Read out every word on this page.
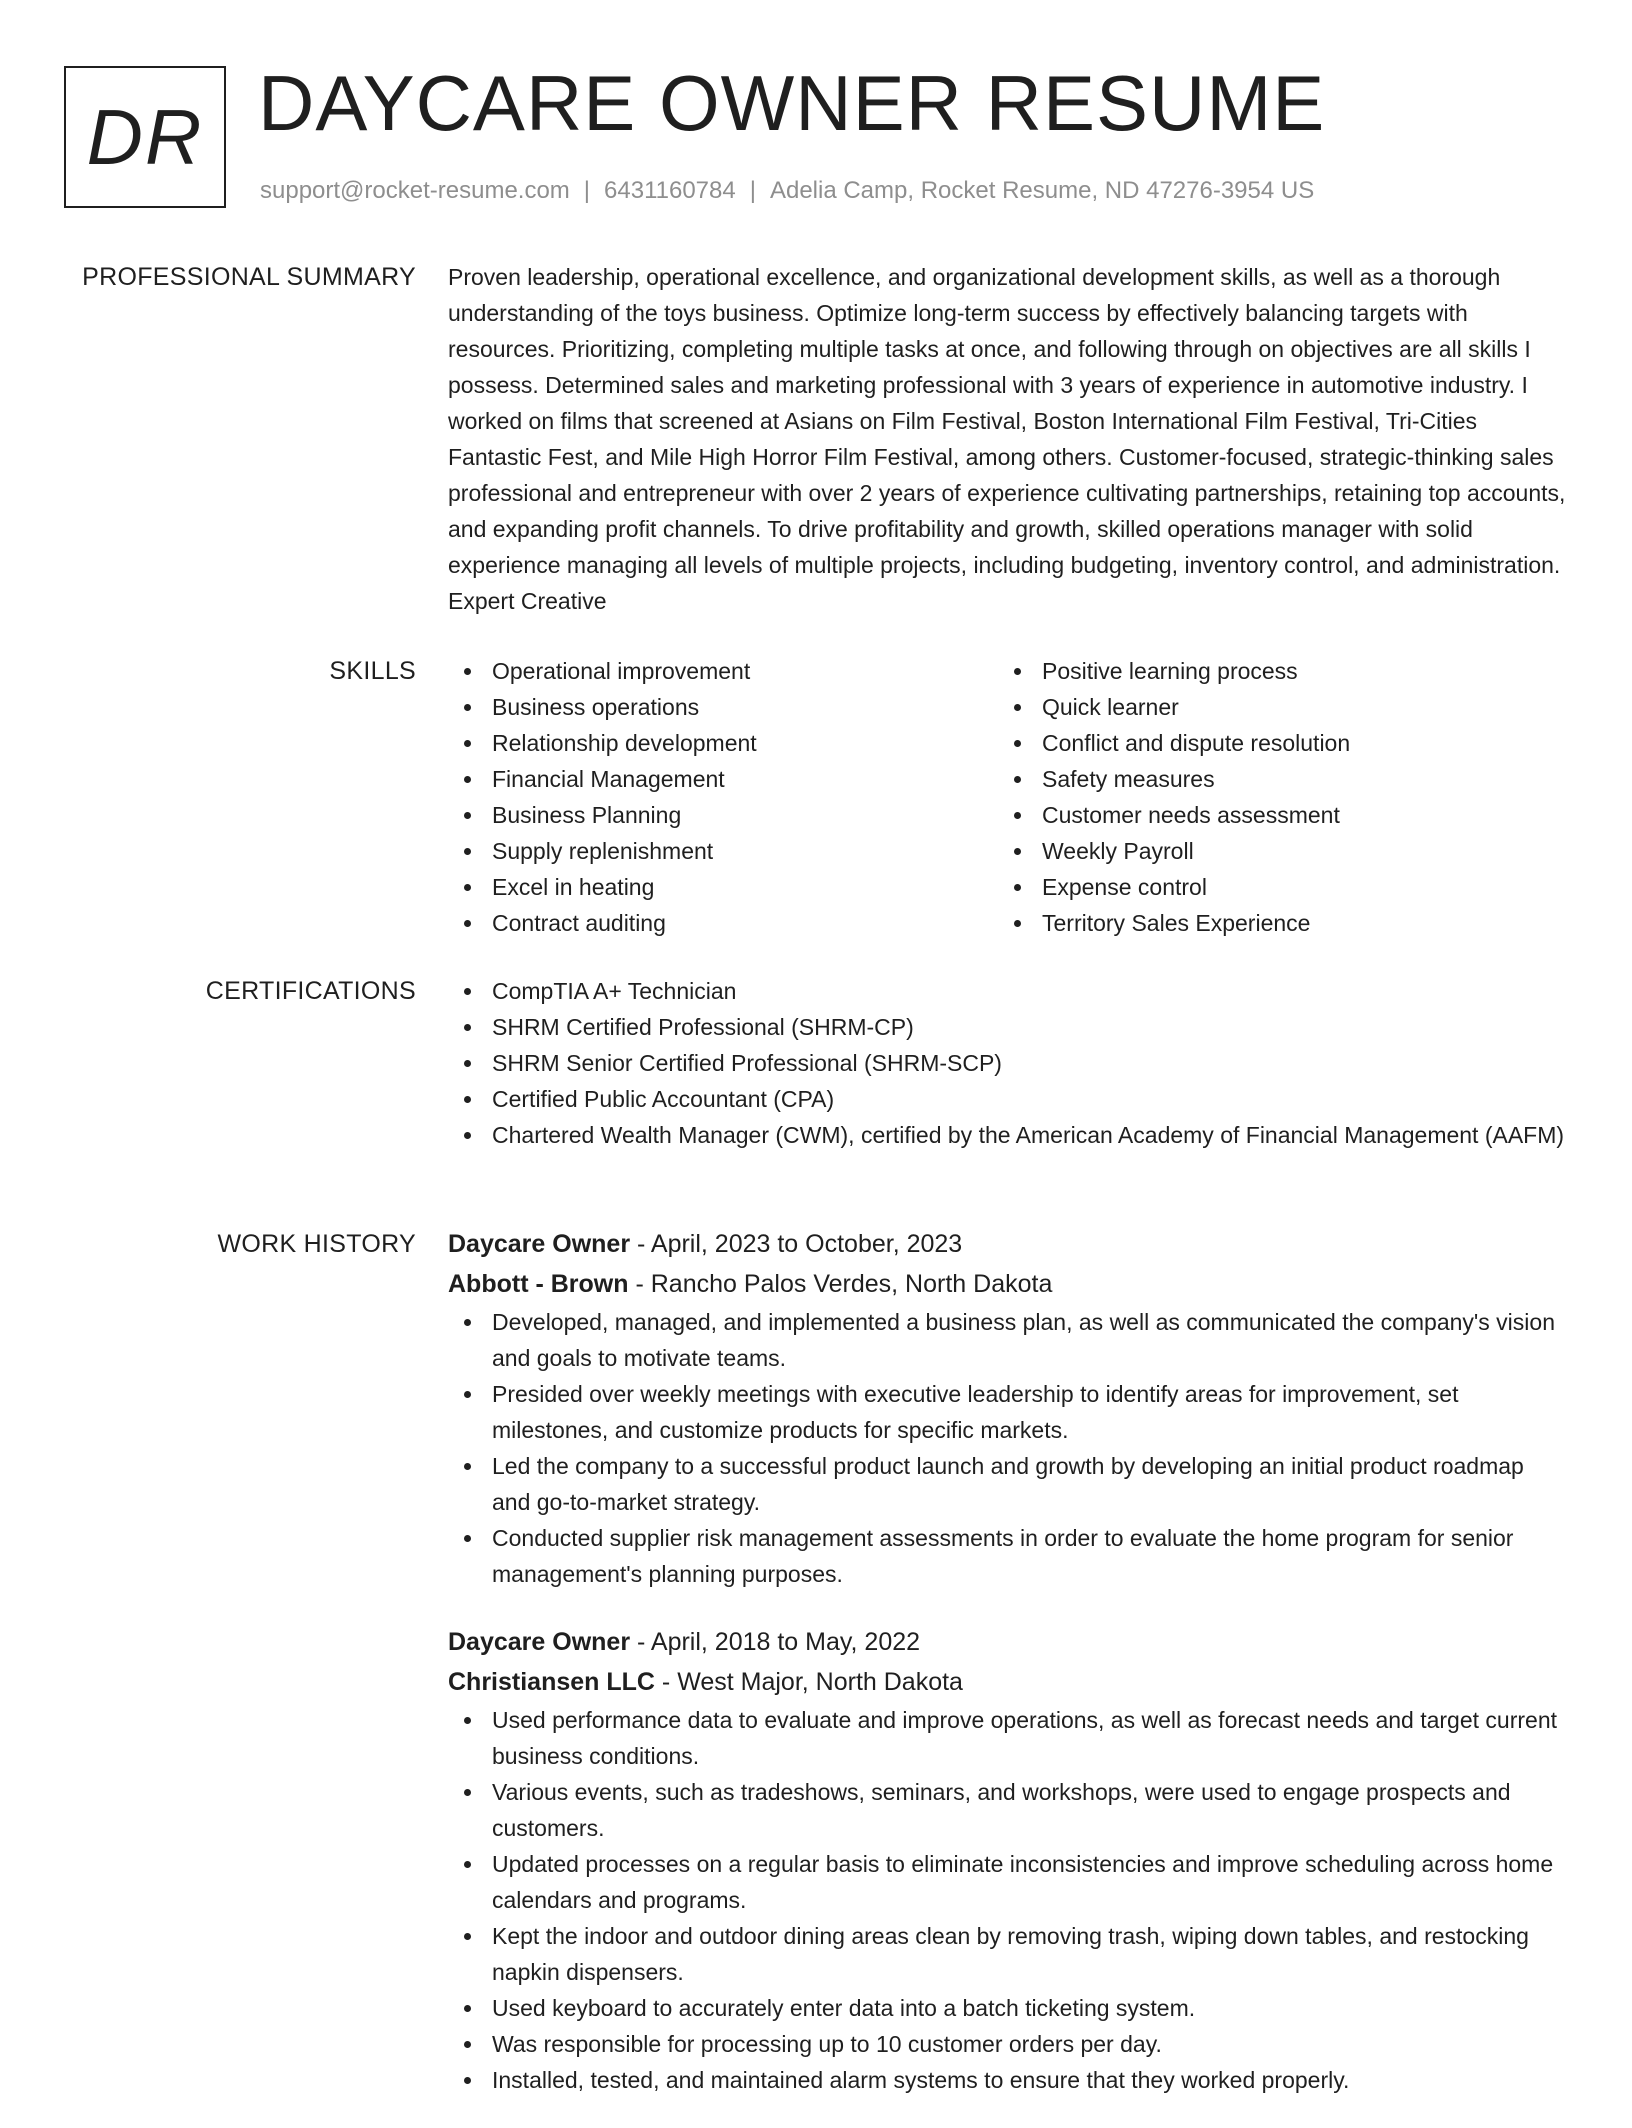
DR DAYCARE OWNER RESUME
support@rocket-resume.com | 6431160784 | Adelia Camp, Rocket Resume, ND 47276-3954 US
PROFESSIONAL SUMMARY Proven leadership, operational excellence, and organizational development skills, as well as a thorough understanding of the toys business. Optimize long-term success by effectively balancing targets with resources. Prioritizing, completing multiple tasks at once, and following through on objectives are all skills I possess. Determined sales and marketing professional with 3 years of experience in automotive industry. I worked on films that screened at Asians on Film Festival, Boston International Film Festival, Tri-Cities Fantastic Fest, and Mile High Horror Film Festival, among others. Customer-focused, strategic-thinking sales professional and entrepreneur with over 2 years of experience cultivating partnerships, retaining top accounts, and expanding profit channels. To drive profitability and growth, skilled operations manager with solid experience managing all levels of multiple projects, including budgeting, inventory control, and administration. Expert Creative

SKILLS	Operational improvement
Business operations
Relationship development
Financial Management
Business Planning
Supply replenishment
Excel in heating
Contract auditing
Positive learning process
Quick learner
Conflict and dispute resolution
Safety measures
Customer needs assessment
Weekly Payroll
Expense control
Territory Sales Experience
CERTIFICATIONS	CompTIA A+ Technician
SHRM Certified Professional (SHRM-CP)
SHRM Senior Certified Professional (SHRM-SCP)
Certified Public Accountant (CPA)
Chartered Wealth Manager (CWM), certified by the American Academy of Financial Management (AAFM)
WORK HISTORY Daycare Owner - April, 2023 to October, 2023
Abbott - Brown - Rancho Palos Verdes, North Dakota
Developed, managed, and implemented a business plan, as well as communicated the company's vision and goals to motivate teams.
Presided over weekly meetings with executive leadership to identify areas for improvement, set milestones, and customize products for specific markets.
Led the company to a successful product launch and growth by developing an initial product roadmap and go-to-market strategy.
Conducted supplier risk management assessments in order to evaluate the home program for senior management's planning purposes.
Daycare Owner - April, 2018 to May, 2022
Christiansen LLC - West Major, North Dakota
Used performance data to evaluate and improve operations, as well as forecast needs and target current business conditions.
Various events, such as tradeshows, seminars, and workshops, were used to engage prospects and customers.
Updated processes on a regular basis to eliminate inconsistencies and improve scheduling across home calendars and programs.
Kept the indoor and outdoor dining areas clean by removing trash, wiping down tables, and restocking napkin dispensers.
Used keyboard to accurately enter data into a batch ticketing system.
Was responsible for processing up to 10 customer orders per day.
Installed, tested, and maintained alarm systems to ensure that they worked properly.
